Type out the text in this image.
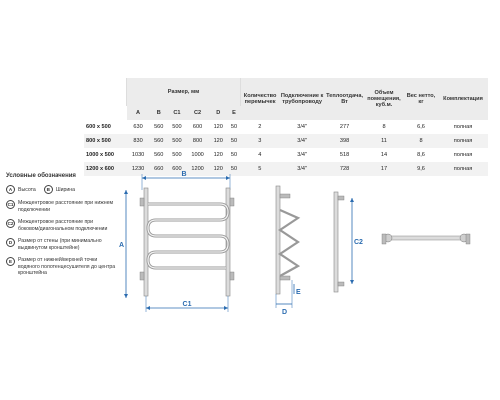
	Размер, мм						Количество перемычек	Подключение к трубопроводу	Теплоотдача, Вт	Объем помещения, куб.м.	Вес нетто, кг	Комплектация
	A	B	C1	C2	D	E						
600 х 500	630	560	500	600	120	50	2	3/4"	277	8	6,6	полная
800 х 500	830	560	500	800	120	50	3	3/4"	398	11	8	полная
1000 х 500	1030	560	500	1000	120	50	4	3/4"	518	14	8,6	полная
1200 х 600	1230	660	600	1200	120	50	5	3/4"	728	17	9,6	полная
Условные обозначения
A	Высота	B	Ширина
C1 Межцентровое расстояние при нижнем подключении
C2 Межцентровое расстояние при боковом/диагональном подключении
D	Размер от стены (при минимально выдвинутом кронштейне)
E	Размер от нижней/верхней точки водяного полотенцесушителя до центра кронштейна
B
A
C1
D
E
C2
